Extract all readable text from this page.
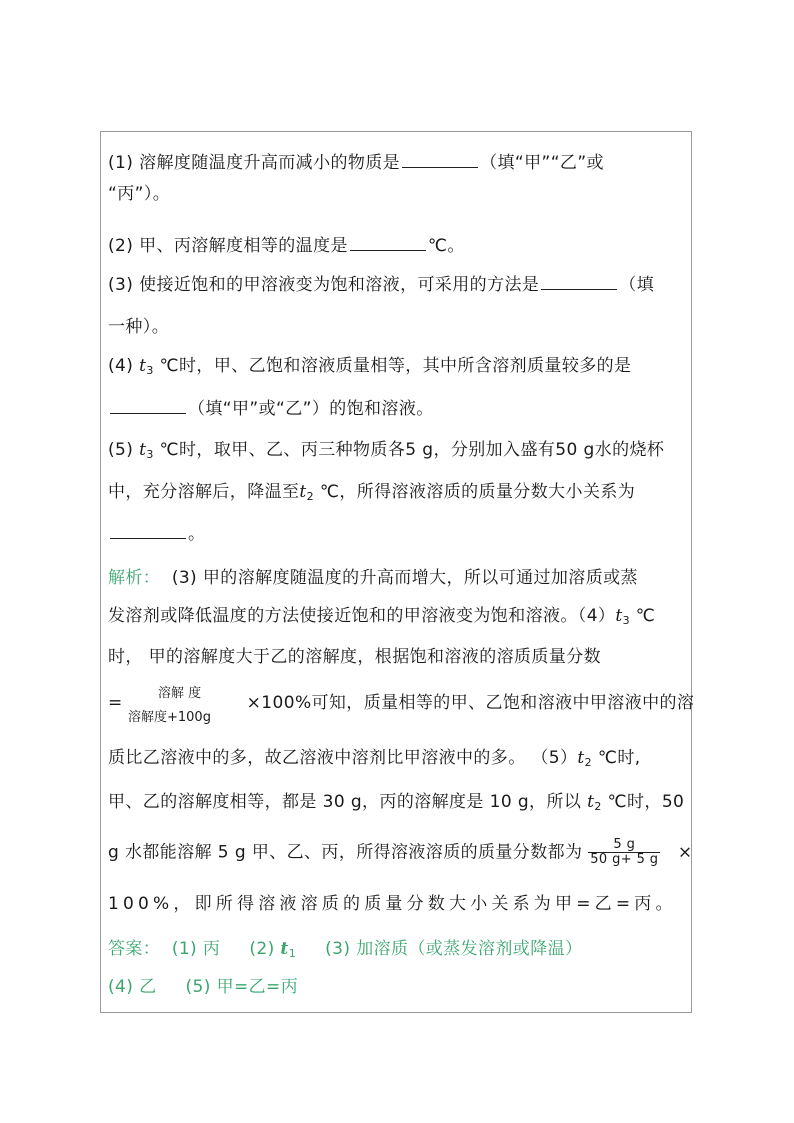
(1) 溶解度随温度升高而减小的物质是	（填“甲”“乙”或
“丙”）。
(2) 甲、丙溶解度相等的温度是	℃。
(3) 使接近饱和的甲溶液变为饱和溶液，可采用的方法是	（填
一种）。
(4) $t_3$ ℃时，甲、乙饱和溶液质量相等，其中所含溶剂质量较多的是
（填“甲”或“乙”）的饱和溶液。
(5) $t_3$ ℃时，取甲、乙、丙三种物质各5 g，分别加入盛有50 g水的烧杯
中，充分溶解后，降温至$t_2$ ℃，所得溶液溶质的质量分数大小关系为
。
解析： (3) 甲的溶解度随温度的升高而增大，所以可通过加溶质或蒸
发溶剂或降低温度的方法使接近饱和的甲溶液变为饱和溶液。$(4)t_3$ ℃
时， 甲的溶解度大于乙的溶解度，根据饱和溶液的溶质质量分数
溶解 度
溶解度+100g
=	×100%可知，质量相等的甲、乙饱和溶液中甲溶液中的溶
质比乙溶液中的多，故乙溶液中溶剂比甲溶液中的多。 $(5)t_2$ ℃时,
甲、乙的溶解度相等，都是 30 g，丙的溶解度是 10 g，所以 $t_2$ ℃时，50
g 水都能溶解 5 g 甲、乙、丙，所得溶液溶质的质量分数都为 $\frac{5 g}{50 g+ 5 g}$ ×
100%，即所得溶液溶质的质量分数大小关系为甲=乙=丙。
答案： (1) 丙 (2) $t_1$ (3) 加溶质（或蒸发溶剂或降温）
(4) 乙 (5) 甲=乙=丙
